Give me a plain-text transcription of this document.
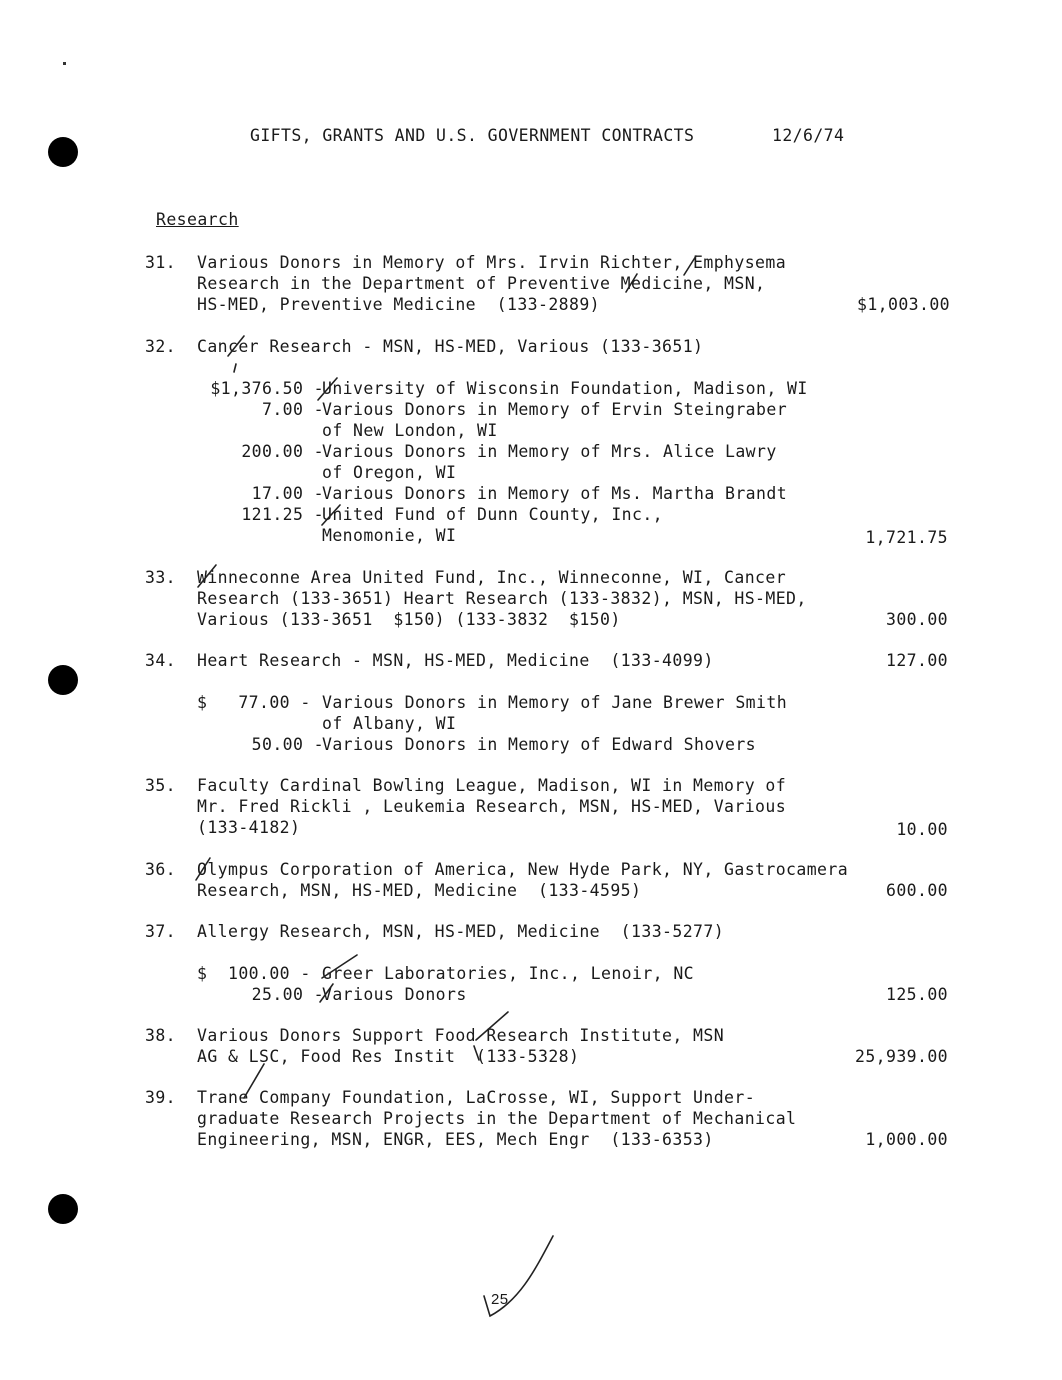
GIFTS, GRANTS AND U.S. GOVERNMENT CONTRACTS	12/6/74
Research
31. Various Donors in Memory of Mrs. Irvin Richter, Emphysema
Research in the Department of Preventive Medicine, MSN,
HS-MED, Preventive Medicine  (133-2889)	$1,003.00
32. Cancer Research - MSN, HS-MED, Various (133-3651)
$1,376.50 -
University of Wisconsin Foundation, Madison, WI
7.00 -
Various Donors in Memory of Ervin Steingraber
of New London, WI
200.00 -
Various Donors in Memory of Mrs. Alice Lawry
of Oregon, WI
17.00 -
Various Donors in Memory of Ms. Martha Brandt
121.25 -
United Fund of Dunn County, Inc.,
Menomonie, WI	1,721.75
33. Winneconne Area United Fund, Inc., Winneconne, WI, Cancer
Research (133-3651) Heart Research (133-3832), MSN, HS-MED,
Various (133-3651  $150) (133-3832  $150)	300.00
34. Heart Research - MSN, HS-MED, Medicine  (133-4099)	127.00
$   77.00 - Various Donors in Memory of Jane Brewer Smith
of Albany, WI
50.00 -
Various Donors in Memory of Edward Shovers
35. Faculty Cardinal Bowling League, Madison, WI in Memory of
Mr. Fred Rickli , Leukemia Research, MSN, HS-MED, Various
(133-4182)	10.00
36. Olympus Corporation of America, New Hyde Park, NY, Gastrocamera
Research, MSN, HS-MED, Medicine  (133-4595)	600.00
37. Allergy Research, MSN, HS-MED, Medicine  (133-5277)
$  100.00 - Greer Laboratories, Inc., Lenoir, NC
25.00 -
Various Donors	125.00
38. Various Donors Support Food Research Institute, MSN
AG & LSC, Food Res Instit  (133-5328)	25,939.00
39. Trane Company Foundation, LaCrosse, WI, Support Under-
graduate Research Projects in the Department of Mechanical
Engineering, MSN, ENGR, EES, Mech Engr  (133-6353)	1,000.00
25
